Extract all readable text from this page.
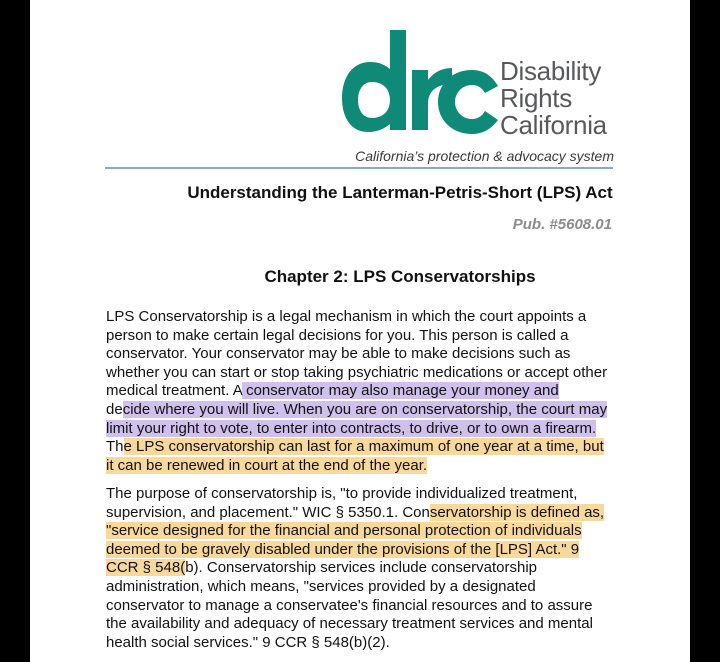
Disability
Rights
California
California’s protection & advocacy system
Understanding the Lanterman-Petris-Short (LPS) Act
Pub. #5608.01
Chapter 2: LPS Conservatorships
LPS Conservatorship is a legal mechanism in which the court appoints a
person to make certain legal decisions for you. This person is called a
conservator. Your conservator may be able to make decisions such as
whether you can start or stop taking psychiatric medications or accept other
medical treatment. A conservator may also manage your money and
decide where you will live. When you are on conservatorship, the court may
limit your right to vote, to enter into contracts, to drive, or to own a firearm.
The LPS conservatorship can last for a maximum of one year at a time, but
it can be renewed in court at the end of the year.
The purpose of conservatorship is, "to provide individualized treatment,
supervision, and placement." WIC § 5350.1. Conservatorship is defined as,
"service designed for the financial and personal protection of individuals
deemed to be gravely disabled under the provisions of the [LPS] Act." 9
CCR § 548(b). Conservatorship services include conservatorship
administration, which means, "services provided by a designated
conservator to manage a conservatee's financial resources and to assure
the availability and adequacy of necessary treatment services and mental
health social services." 9 CCR § 548(b)(2).
